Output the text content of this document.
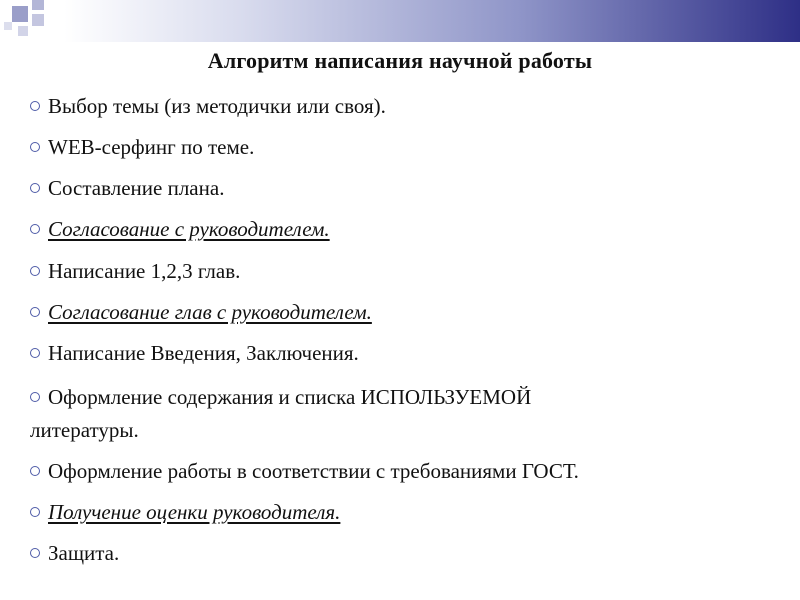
Алгоритм написания научной работы
Выбор темы (из методички или своя).
WEB-серфинг по теме.
Составление плана.
Согласование с руководителем.
Написание 1,2,3 глав.
Согласование глав с руководителем.
Написание Введения, Заключения.
Оформление содержания и списка ИСПОЛЬЗУЕМОЙ
литературы.
Оформление работы в соответствии с требованиями ГОСТ.
Получение оценки руководителя.
Защита.
